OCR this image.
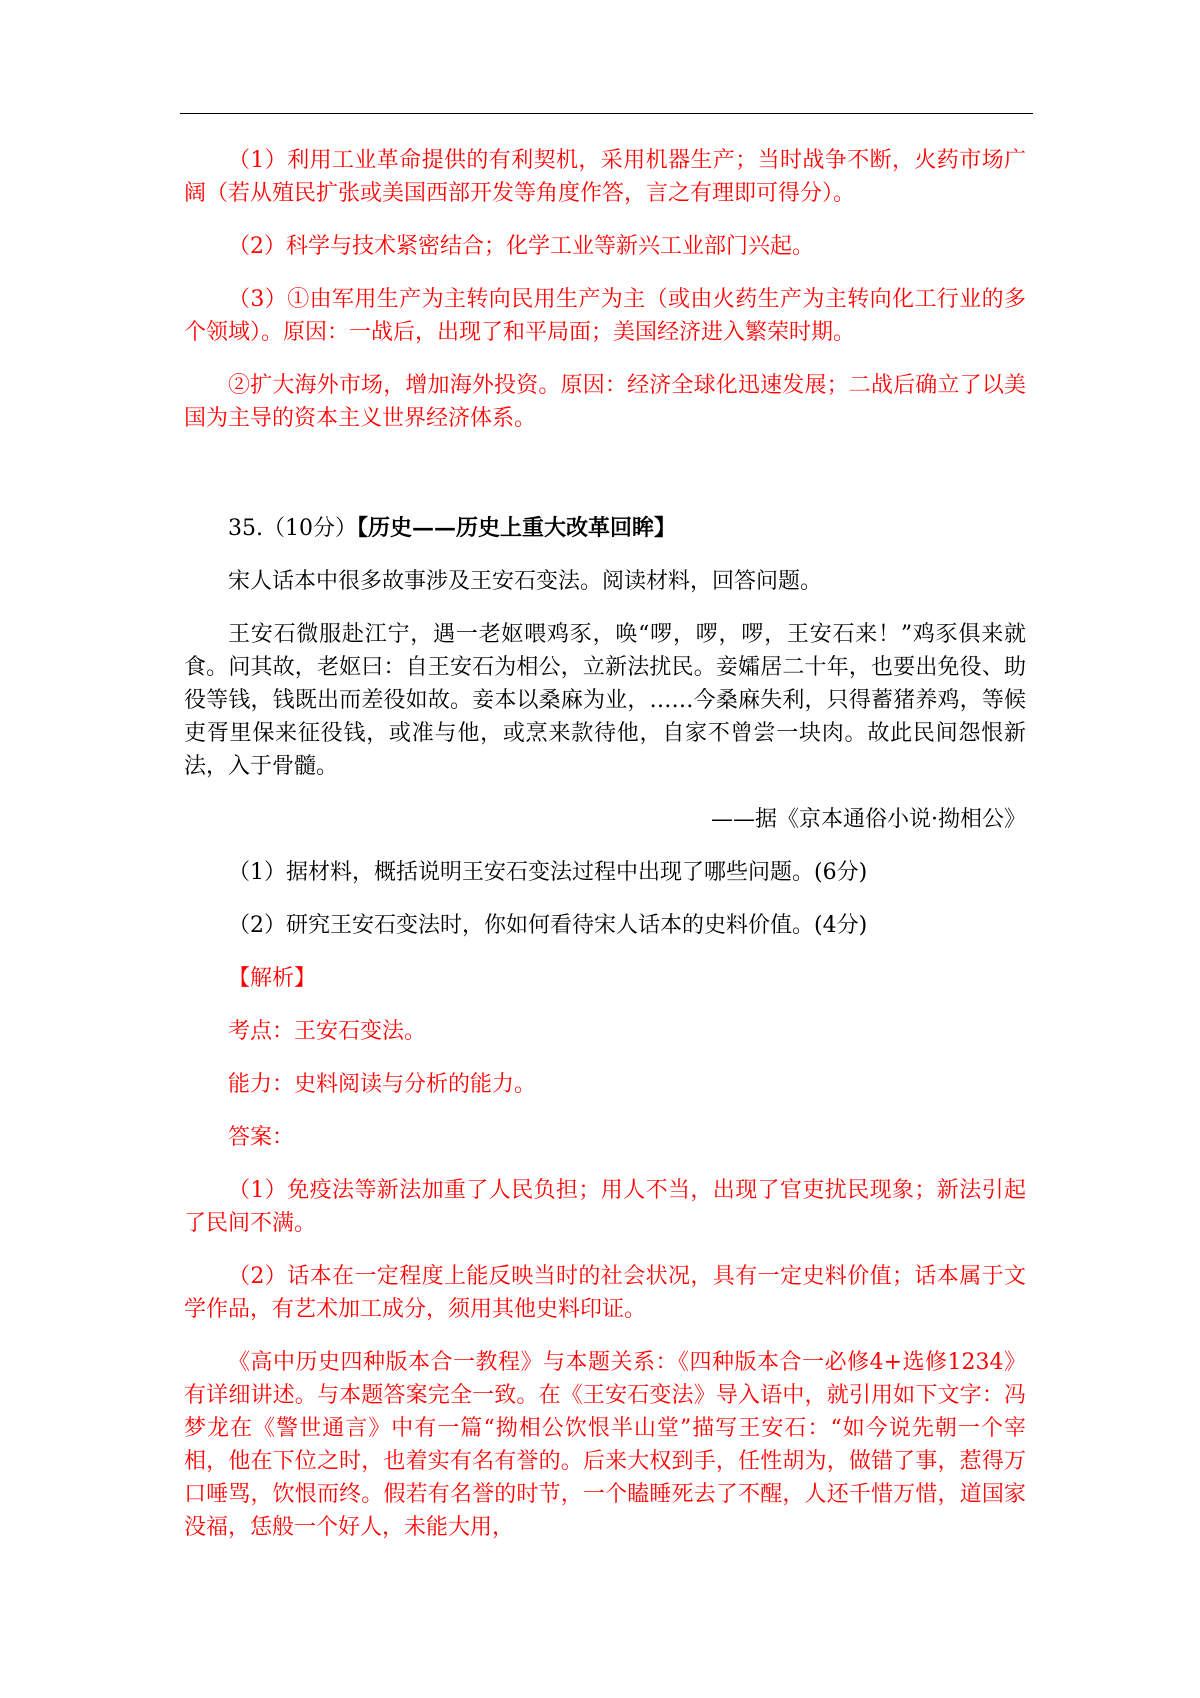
（1）利用工业革命提供的有利契机，采用机器生产；当时战争不断，火药市场广阔（若从殖民扩张或美国西部开发等角度作答，言之有理即可得分）。

（2）科学与技术紧密结合；化学工业等新兴工业部门兴起。

（3）①由军用生产为主转向民用生产为主（或由火药生产为主转向化工行业的多个领域）。原因：一战后，出现了和平局面；美国经济进入繁荣时期。

②扩大海外市场，增加海外投资。原因：经济全球化迅速发展；二战后确立了以美国为主导的资本主义世界经济体系。

35.（10分）【历史——历史上重大改革回眸】

宋人话本中很多故事涉及王安石变法。阅读材料，回答问题。

王安石微服赴江宁，遇一老妪喂鸡豕，唤“啰，啰，啰，王安石来！”鸡豕俱来就食。问其故，老妪曰：自王安石为相公，立新法扰民。妾孀居二十年，也要出免役、助役等钱，钱既出而差役如故。妾本以桑麻为业，……今桑麻失利，只得蓄猪养鸡，等候吏胥里保来征役钱，或准与他，或烹来款待他，自家不曾尝一块肉。故此民间怨恨新法，入于骨髓。

——据《京本通俗小说·拗相公》

（1）据材料，概括说明王安石变法过程中出现了哪些问题。(6分)

（2）研究王安石变法时，你如何看待宋人话本的史料价值。(4分)

【解析】

考点：王安石变法。

能力：史料阅读与分析的能力。

答案：

（1）免疫法等新法加重了人民负担；用人不当，出现了官吏扰民现象；新法引起了民间不满。

（2）话本在一定程度上能反映当时的社会状况，具有一定史料价值；话本属于文学作品，有艺术加工成分，须用其他史料印证。

《高中历史四种版本合一教程》与本题关系：《四种版本合一必修4+选修1234》有详细讲述。与本题答案完全一致。在《王安石变法》导入语中，就引用如下文字：冯梦龙在《警世通言》中有一篇“拗相公饮恨半山堂”描写王安石：“如今说先朝一个宰相，他在下位之时，也着实有名有誉的。后来大权到手，任性胡为，做错了事，惹得万口唾骂，饮恨而终。假若有名誉的时节，一个瞌睡死去了不醒，人还千惜万惜，道国家没福，恁般一个好人，未能大用，
